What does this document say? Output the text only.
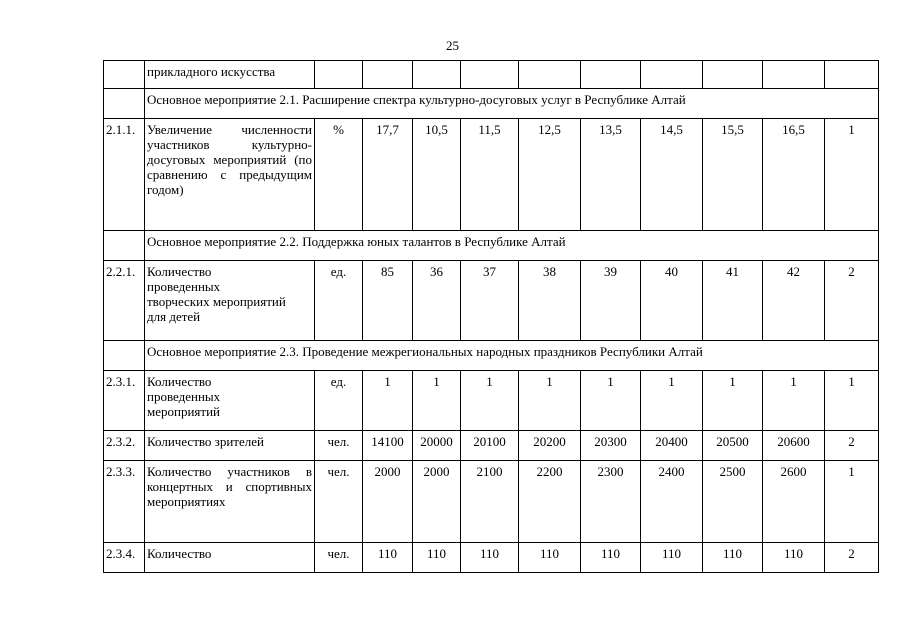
25
	прикладного искусства										
	Основное мероприятие 2.1. Расширение спектра культурно-досуговых услуг в Республике Алтай										
2.1.1.	Увеличение численности участников культурно-досуговых мероприятий (по сравнению с предыдущим годом)	%	17,7	10,5	11,5	12,5	13,5	14,5	15,5	16,5	1
	Основное мероприятие 2.2. Поддержка юных талантов в Республике Алтай										
2.2.1.	Количество
проведенных
творческих мероприятий
для детей	ед.	85	36	37	38	39	40	41	42	2
	Основное мероприятие 2.3. Проведение межрегиональных народных праздников Республики Алтай										
2.3.1.	Количество
проведенных
мероприятий	ед.	1	1	1	1	1	1	1	1	1
2.3.2.	Количество зрителей	чел.	14100	20000	20100	20200	20300	20400	20500	20600	2
2.3.3.	Количество участников в концертных и спортивных мероприятиях	чел.	2000	2000	2100	2200	2300	2400	2500	2600	1
2.3.4.	Количество	чел.	110	110	110	110	110	110	110	110	2
